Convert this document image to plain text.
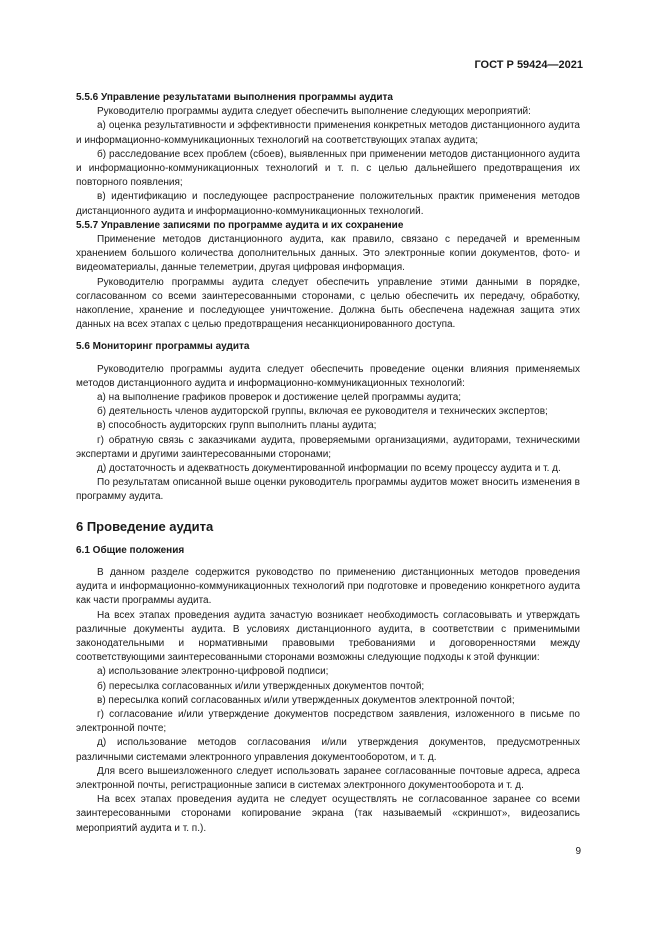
ГОСТ Р 59424—2021

5.5.6 Управление результатами выполнения программы аудита

Руководителю программы аудита следует обеспечить выполнение следующих мероприятий:

а) оценка результативности и эффективности применения конкретных методов дистанционного аудита и информационно-коммуникационных технологий на соответствующих этапах аудита;

б) расследование всех проблем (сбоев), выявленных при применении методов дистанционного аудита и информационно-коммуникационных технологий и т. п. с целью дальнейшего предотвращения их повторного появления;

в) идентификацию и последующее распространение положительных практик применения методов дистанционного аудита и информационно-коммуникационных технологий.

5.5.7 Управление записями по программе аудита и их сохранение

Применение методов дистанционного аудита, как правило, связано с передачей и временным хранением большого количества дополнительных данных. Это электронные копии документов, фото- и видеоматериалы, данные телеметрии, другая цифровая информация.

Руководителю программы аудита следует обеспечить управление этими данными в порядке, согласованном со всеми заинтересованными сторонами, с целью обеспечить их передачу, обработку, накопление, хранение и последующее уничтожение. Должна быть обеспечена надежная защита этих данных на всех этапах с целью предотвращения несанкционированного доступа.

5.6 Мониторинг программы аудита

Руководителю программы аудита следует обеспечить проведение оценки влияния применяемых методов дистанционного аудита и информационно-коммуникационных технологий:

а) на выполнение графиков проверок и достижение целей программы аудита;

б) деятельность членов аудиторской группы, включая ее руководителя и технических экспертов;

в) способность аудиторских групп выполнить планы аудита;

г) обратную связь с заказчиками аудита, проверяемыми организациями, аудиторами, техническими экспертами и другими заинтересованными сторонами;

д) достаточность и адекватность документированной информации по всему процессу аудита и т. д.

По результатам описанной выше оценки руководитель программы аудитов может вносить изменения в программу аудита.

6 Проведение аудита

6.1 Общие положения

В данном разделе содержится руководство по применению дистанционных методов проведения аудита и информационно-коммуникационных технологий при подготовке и проведению конкретного аудита как части программы аудита.

На всех этапах проведения аудита зачастую возникает необходимость согласовывать и утверждать различные документы аудита. В условиях дистанционного аудита, в соответствии с применимыми законодательными и нормативными правовыми требованиями и договоренностями между соответствующими заинтересованными сторонами возможны следующие подходы к этой функции:

а) использование электронно-цифровой подписи;

б) пересылка согласованных и/или утвержденных документов почтой;

в) пересылка копий согласованных и/или утвержденных документов электронной почтой;

г) согласование и/или утверждение документов посредством заявления, изложенного в письме по электронной почте;

д) использование методов согласования и/или утверждения документов, предусмотренных различными системами электронного управления документооборотом, и т. д.

Для всего вышеизложенного следует использовать заранее согласованные почтовые адреса, адреса электронной почты, регистрационные записи в системах электронного документооборота и т. д.

На всех этапах проведения аудита не следует осуществлять не согласованное заранее со всеми заинтересованными сторонами копирование экрана (так называемый «скриншот», видеозапись мероприятий аудита и т. п.).

9
